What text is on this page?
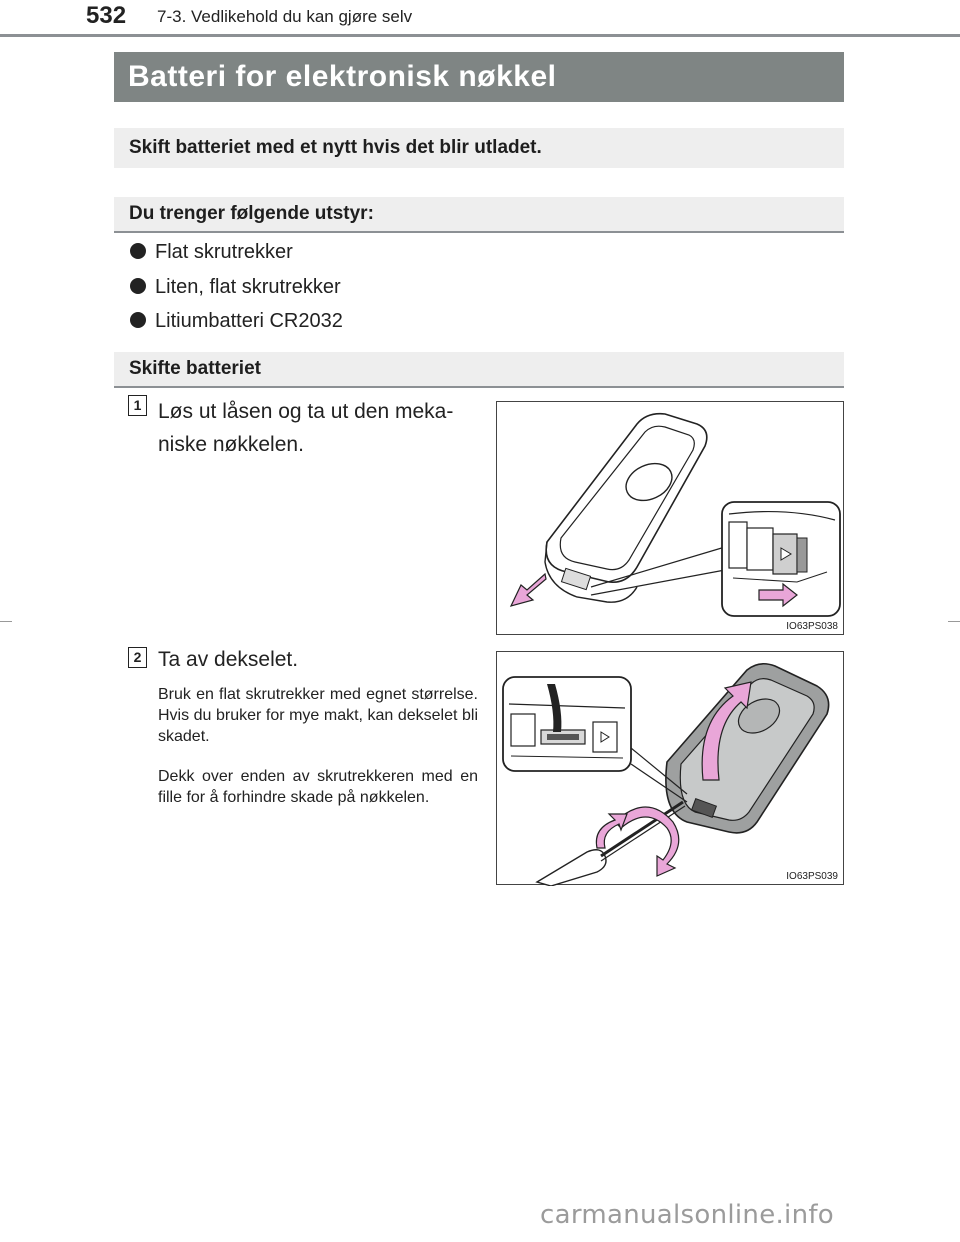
532 7-3. Vedlikehold du kan gjøre selv
Batteri for elektronisk nøkkel
Skift batteriet med et nytt hvis det blir utladet.
Du trenger følgende utstyr:
Flat skrutrekker
Liten, flat skrutrekker
Litiumbatteri CR2032
Skifte batteriet
1 Løs ut låsen og ta ut den meka-
niske nøkkelen.
IO63PS038
2 Ta av dekselet.
Bruk en flat skrutrekker med egnet størrelse. Hvis du bruker for mye makt, kan dekselet bli skadet.
Dekk over enden av skrutrekkeren med en fille for å forhindre skade på nøkkelen.
IO63PS039
carmanualsonline.info
